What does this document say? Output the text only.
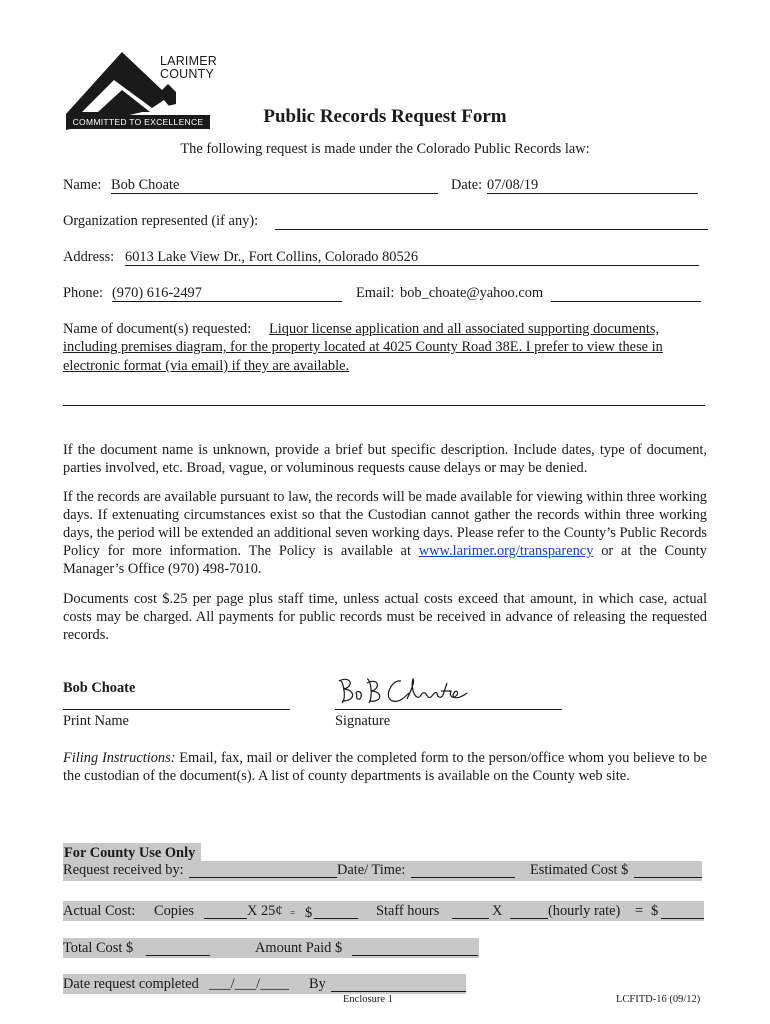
LARIMER
COUNTY
COMMITTED TO EXCELLENCE	Public Records Request Form
The following request is made under the Colorado Public Records law:
Name: Bob Choate	Date: 07/08/19
Organization represented (if any):
Address: 6013 Lake View Dr., Fort Collins, Colorado 80526
Phone: (970) 616-2497	Email: bob_choate@yahoo.com
Name of document(s) requested: Liquor license application and all associated supporting documents,
including premises diagram, for the property located at 4025 County Road 38E. I prefer to view these in
electronic format (via email) if they are available.
If the document name is unknown, provide a brief but specific description. Include dates, type of document, parties involved, etc. Broad, vague, or voluminous requests cause delays or may be denied.
If the records are available pursuant to law, the records will be made available for viewing within three working days. If extenuating circumstances exist so that the Custodian cannot gather the records within three working days, the period will be extended an additional seven working days. Please refer to the County’s Public Records Policy for more information. The Policy is available at www.larimer.org/transparency or at the County Manager’s Office (970) 498-7010.
Documents cost $.25 per page plus staff time, unless actual costs exceed that amount, in which case, actual costs may be charged. All payments for public records must be received in advance of releasing the requested records.
Bob Choate
Print Name	Signature
Filing Instructions: Email, fax, mail or deliver the completed form to the person/office whom you believe to be the custodian of the document(s). A list of county departments is available on the County web site.
For County Use Only
Request received by:	Date/ Time:	Estimated Cost $
Actual Cost: Copies	X 25¢ = $	Staff hours	X	(hourly rate) = $
Total Cost $	Amount Paid $
Date request completed ___/___/____ By
Enclosure 1	LCFITD-16 (09/12)
